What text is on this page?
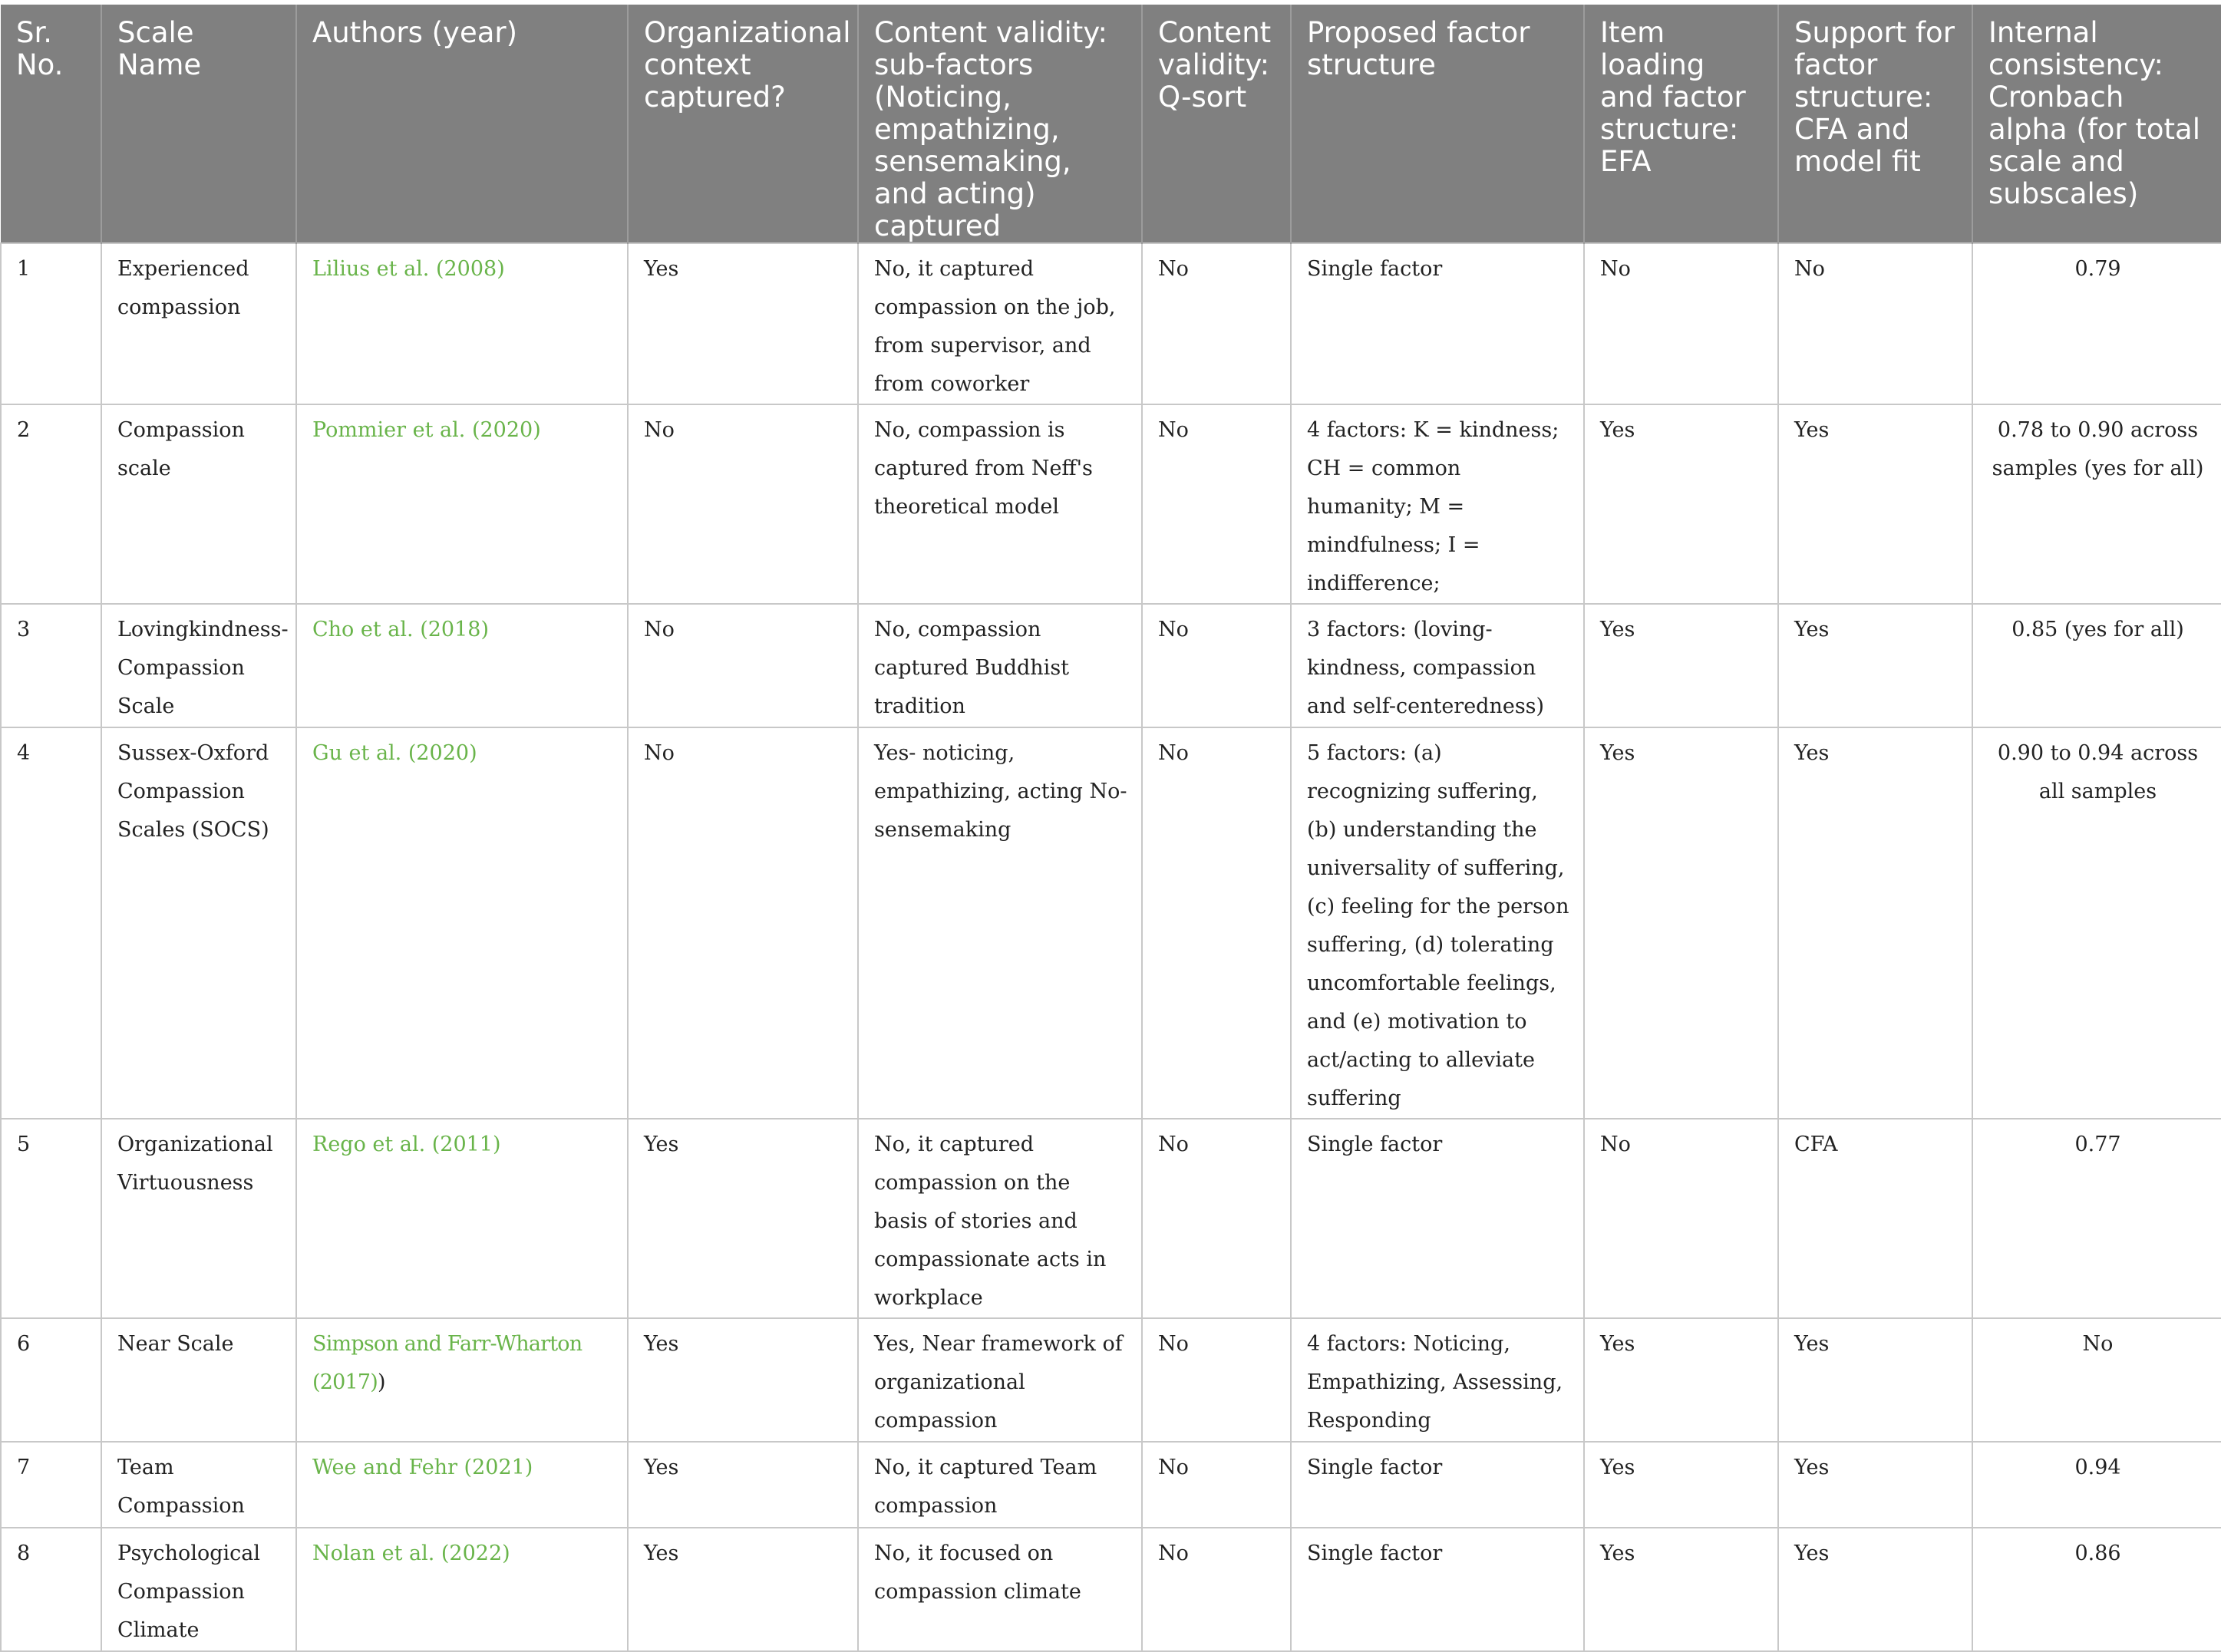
Sr. No.	Scale Name	Authors (year)	Organizational context captured?	Content validity: sub-factors (Noticing, empathizing, sensemaking, and acting) captured	Content validity: Q-sort	Proposed factor structure	Item loading and factor structure: EFA	Support for factor structure: CFA and model fit	Internal consistency: Cronbach alpha (for total scale and subscales)
1	Experienced compassion	Lilius et al. (2008)	Yes	No, it captured compassion on the job, from supervisor, and from coworker	No	Single factor	No	No	0.79
2	Compassion scale	Pommier et al. (2020)	No	No, compassion is captured from Neff's theoretical model	No	4 factors: K = kindness; CH = common humanity; M = mindfulness; I = indifference;	Yes	Yes	0.78 to 0.90 across samples (yes for all)
3	Lovingkindness-Compassion Scale	Cho et al. (2018)	No	No, compassion captured Buddhist tradition	No	3 factors: (loving-kindness, compassion and self-centeredness)	Yes	Yes	0.85 (yes for all)
4	Sussex-Oxford Compassion Scales (SOCS)	Gu et al. (2020)	No	Yes- noticing, empathizing, acting No- sensemaking	No	5 factors: (a) recognizing suffering, (b) understanding the universality of suffering, (c) feeling for the person suffering, (d) tolerating uncomfortable feelings, and (e) motivation to act/acting to alleviate suffering	Yes	Yes	0.90 to 0.94 across all samples
5	Organizational Virtuousness	Rego et al. (2011)	Yes	No, it captured compassion on the basis of stories and compassionate acts in workplace	No	Single factor	No	CFA	0.77
6	Near Scale	Simpson and Farr-Wharton (2017))	Yes	Yes, Near framework of organizational compassion	No	4 factors: Noticing, Empathizing, Assessing, Responding	Yes	Yes	No
7	Team Compassion	Wee and Fehr (2021)	Yes	No, it captured Team compassion	No	Single factor	Yes	Yes	0.94
8	Psychological Compassion Climate	Nolan et al. (2022)	Yes	No, it focused on compassion climate	No	Single factor	Yes	Yes	0.86
